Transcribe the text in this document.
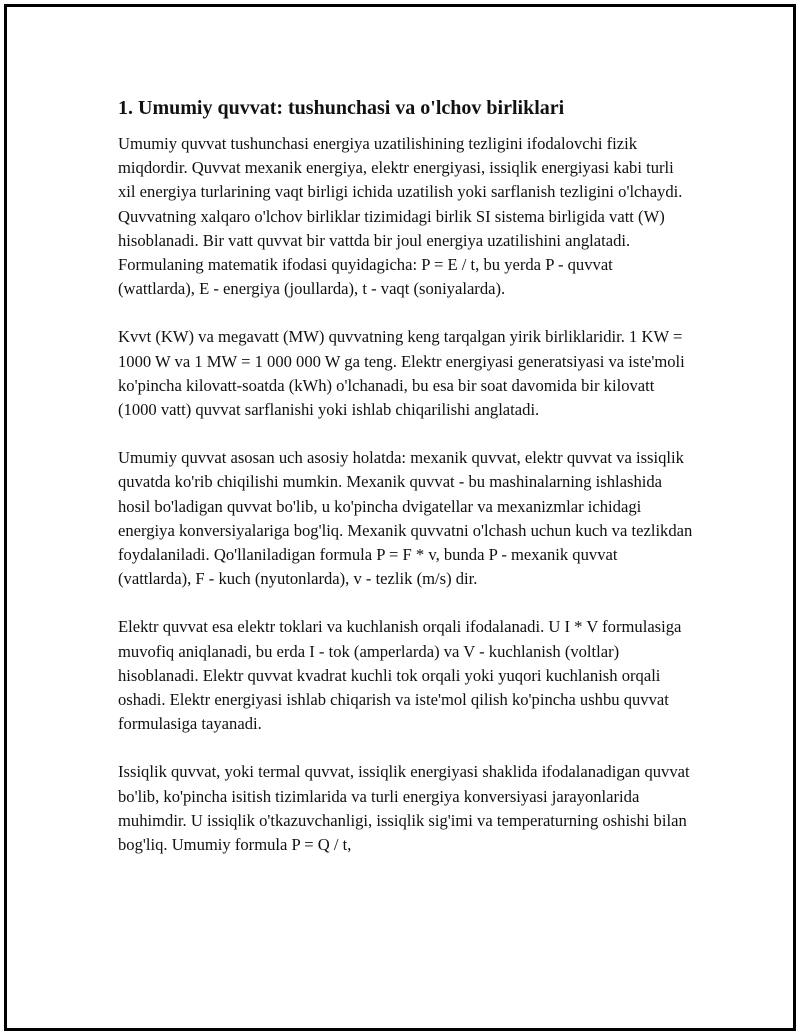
1. Umumiy quvvat: tushunchasi va o'lchov birliklari

Umumiy quvvat tushunchasi energiya uzatilishining tezligini ifodalovchi fizik miqdordir. Quvvat mexanik energiya, elektr energiyasi, issiqlik energiyasi kabi turli xil energiya turlarining vaqt birligi ichida uzatilish yoki sarflanish tezligini o'lchaydi. Quvvatning xalqaro o'lchov birliklar tizimidagi birlik SI sistema birligida vatt (W) hisoblanadi. Bir vatt quvvat bir vattda bir joul energiya uzatilishini anglatadi. Formulaning matematik ifodasi quyidagicha: P = E / t, bu yerda P - quvvat (wattlarda), E - energiya (joullarda), t - vaqt (soniyalarda).

Kvvt (KW) va megavatt (MW) quvvatning keng tarqalgan yirik birliklaridir. 1 KW = 1000 W va 1 MW = 1 000 000 W ga teng. Elektr energiyasi generatsiyasi va iste'moli ko'pincha kilovatt-soatda (kWh) o'lchanadi, bu esa bir soat davomida bir kilovatt (1000 vatt) quvvat sarflanishi yoki ishlab chiqarilishi anglatadi.

Umumiy quvvat asosan uch asosiy holatda: mexanik quvvat, elektr quvvat va issiqlik quvatda ko'rib chiqilishi mumkin. Mexanik quvvat - bu mashinalarning ishlashida hosil bo'ladigan quvvat bo'lib, u ko'pincha dvigatellar va mexanizmlar ichidagi energiya konversiyalariga bog'liq. Mexanik quvvatni o'lchash uchun kuch va tezlikdan foydalaniladi. Qo'llaniladigan formula P = F * v, bunda P - mexanik quvvat (vattlarda), F - kuch (nyutonlarda), v - tezlik (m/s) dir.

Elektr quvvat esa elektr toklari va kuchlanish orqali ifodalanadi. U I * V formulasiga muvofiq aniqlanadi, bu erda I - tok (amperlarda) va V - kuchlanish (voltlar) hisoblanadi. Elektr quvvat kvadrat kuchli tok orqali yoki yuqori kuchlanish orqali oshadi. Elektr energiyasi ishlab chiqarish va iste'mol qilish ko'pincha ushbu quvvat formulasiga tayanadi.

Issiqlik quvvat, yoki termal quvvat, issiqlik energiyasi shaklida ifodalanadigan quvvat bo'lib, ko'pincha isitish tizimlarida va turli energiya konversiyasi jarayonlarida muhimdir. U issiqlik o'tkazuvchanligi, issiqlik sig'imi va temperaturning oshishi bilan bog'liq. Umumiy formula P = Q / t,
